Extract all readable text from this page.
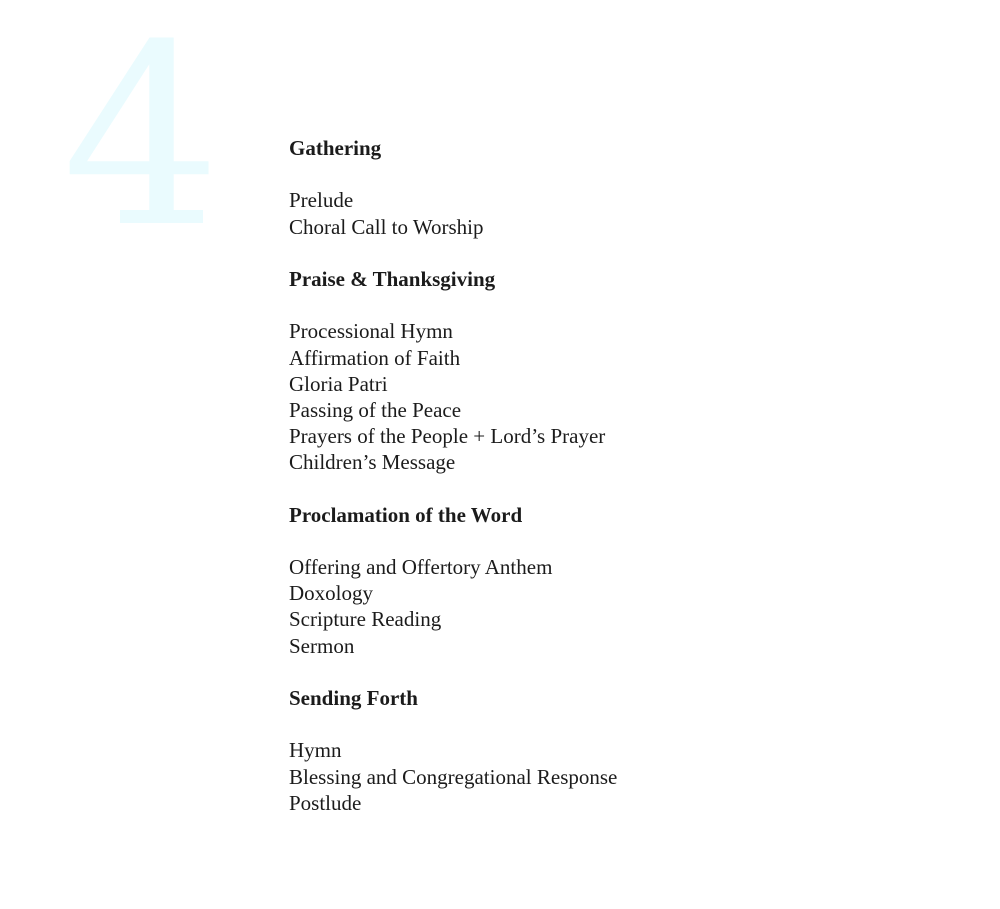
4	Gathering
Prelude
Choral Call to Worship
Praise & Thanksgiving
Processional Hymn
Affirmation of Faith
Gloria Patri
Passing of the Peace
Prayers of the People + Lord’s Prayer
Children’s Message
Proclamation of the Word
Offering and Offertory Anthem
Doxology
Scripture Reading
Sermon
Sending Forth
Hymn
Blessing and Congregational Response
Postlude
